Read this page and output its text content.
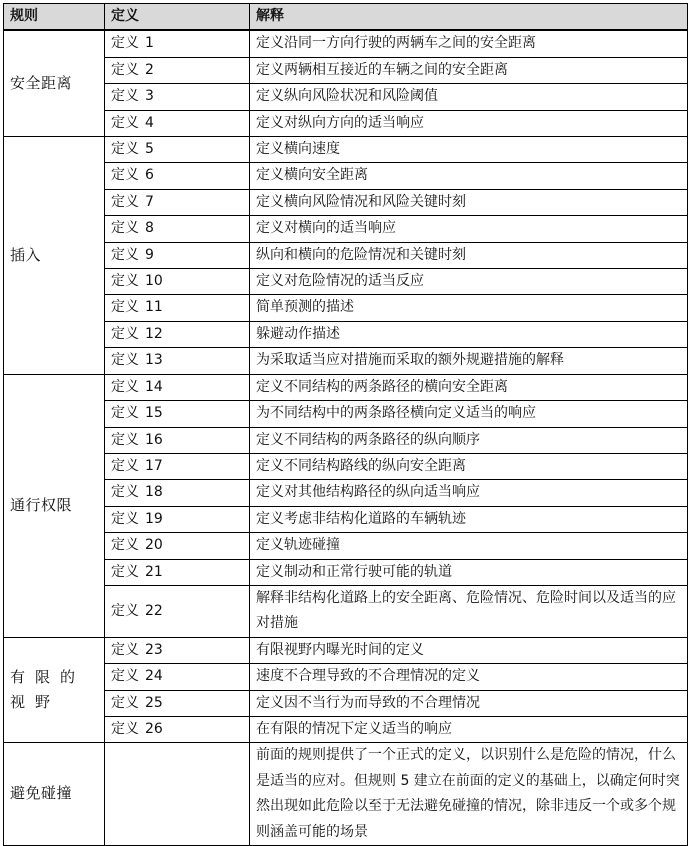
规则	定义	解释
安全距离	定义 1	定义沿同一方向行驶的两辆车之间的安全距离
	定义 2	定义两辆相互接近的车辆之间的安全距离
	定义 3	定义纵向风险状况和风险阈值
	定义 4	定义对纵向方向的适当响应
插入	定义 5	定义横向速度
	定义 6	定义横向安全距离
	定义 7	定义横向风险情况和风险关键时刻
	定义 8	定义对横向的适当响应
	定义 9	纵向和横向的危险情况和关键时刻
	定义 10	定义对危险情况的适当反应
	定义 11	简单预测的描述
	定义 12	躲避动作描述
	定义 13	为采取适当应对措施而采取的额外规避措施的解释
通行权限	定义 14	定义不同结构的两条路径的横向安全距离
	定义 15	为不同结构中的两条路径横向定义适当的响应
	定义 16	定义不同结构的两条路径的纵向顺序
	定义 17	定义不同结构路线的纵向安全距离
	定义 18	定义对其他结构路径的纵向适当响应
	定义 19	定义考虑非结构化道路的车辆轨迹
	定义 20	定义轨迹碰撞
	定义 21	定义制动和正常行驶可能的轨道
	定义 22	解释非结构化道路上的安全距离、危险情况、危险时间以及适当的应对措施
有限的视野	定义 23	有限视野内曝光时间的定义
	定义 24	速度不合理导致的不合理情况的定义
	定义 25	定义因不当行为而导致的不合理情况
	定义 26	在有限的情况下定义适当的响应
避免碰撞		前面的规则提供了一个正式的定义，以识别什么是危险的情况，什么是适当的应对。但规则 5 建立在前面的定义的基础上，以确定何时突然出现如此危险以至于无法避免碰撞的情况，除非违反一个或多个规则涵盖可能的场景
